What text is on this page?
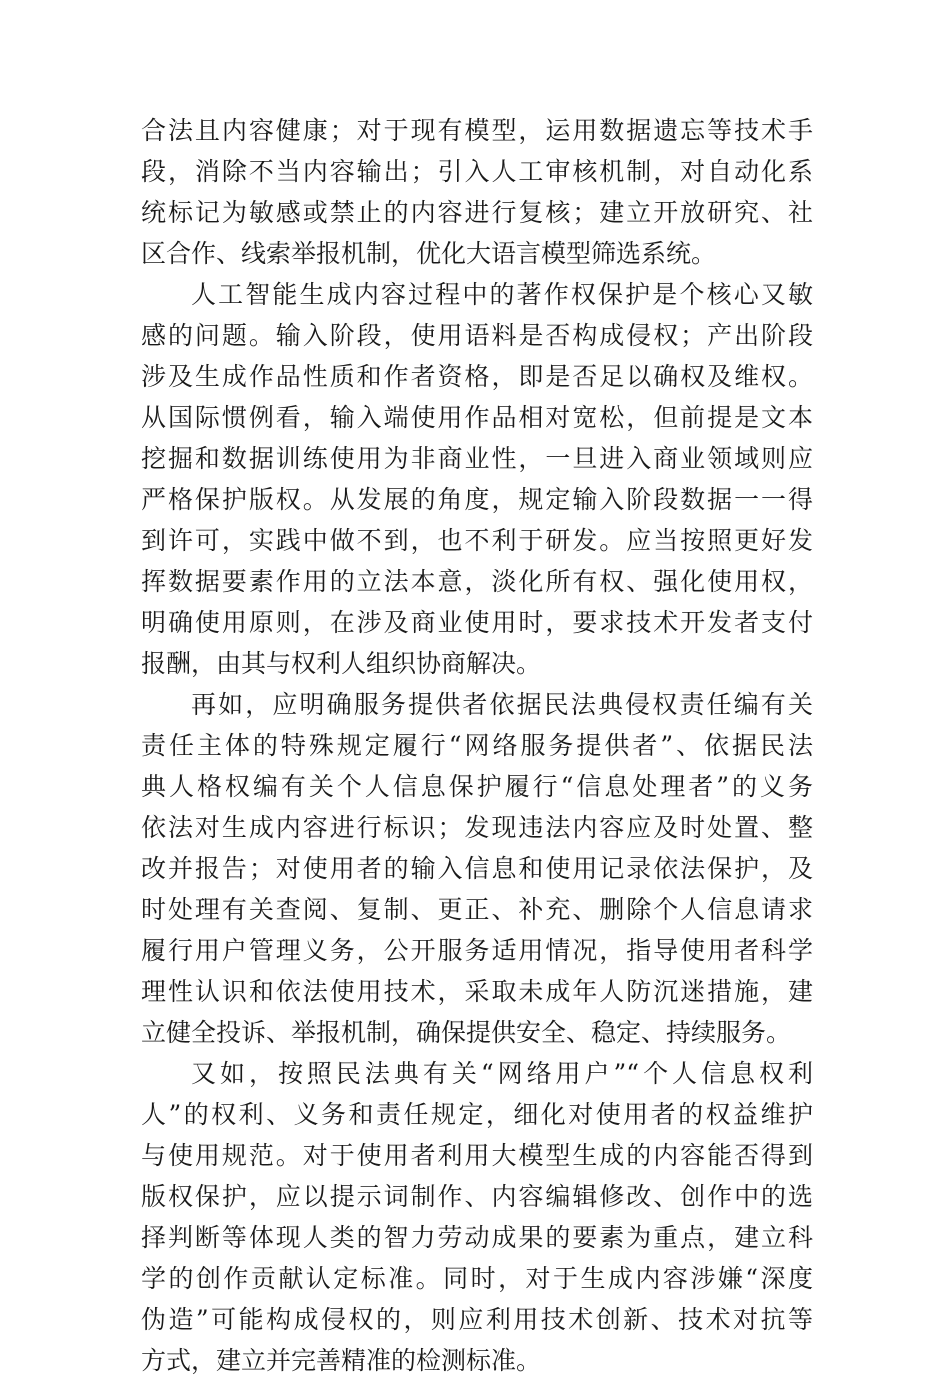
合法且内容健康；对于现有模型，运用数据遗忘等技术手
段，消除不当内容输出；引入人工审核机制，对自动化系
统标记为敏感或禁止的内容进行复核；建立开放研究、社
区合作、线索举报机制，优化大语言模型筛选系统。
人工智能生成内容过程中的著作权保护是个核心又敏
感的问题。输入阶段，使用语料是否构成侵权；产出阶段
涉及生成作品性质和作者资格，即是否足以确权及维权。
从国际惯例看，输入端使用作品相对宽松，但前提是文本
挖掘和数据训练使用为非商业性，一旦进入商业领域则应
严格保护版权。从发展的角度，规定输入阶段数据一一得
到许可，实践中做不到，也不利于研发。应当按照更好发
挥数据要素作用的立法本意，淡化所有权、强化使用权，
明确使用原则，在涉及商业使用时，要求技术开发者支付
报酬，由其与权利人组织协商解决。
再如，应明确服务提供者依据民法典侵权责任编有关
责任主体的特殊规定履行“网络服务提供者”、依据民法
典人格权编有关个人信息保护履行“信息处理者”的义务
依法对生成内容进行标识；发现违法内容应及时处置、整
改并报告；对使用者的输入信息和使用记录依法保护，及
时处理有关查阅、复制、更正、补充、删除个人信息请求
履行用户管理义务，公开服务适用情况，指导使用者科学
理性认识和依法使用技术，采取未成年人防沉迷措施，建
立健全投诉、举报机制，确保提供安全、稳定、持续服务。
又如，按照民法典有关“网络用户”“个人信息权利
人”的权利、义务和责任规定，细化对使用者的权益维护
与使用规范。对于使用者利用大模型生成的内容能否得到
版权保护，应以提示词制作、内容编辑修改、创作中的选
择判断等体现人类的智力劳动成果的要素为重点，建立科
学的创作贡献认定标准。同时，对于生成内容涉嫌“深度
伪造”可能构成侵权的，则应利用技术创新、技术对抗等
方式，建立并完善精准的检测标准。
